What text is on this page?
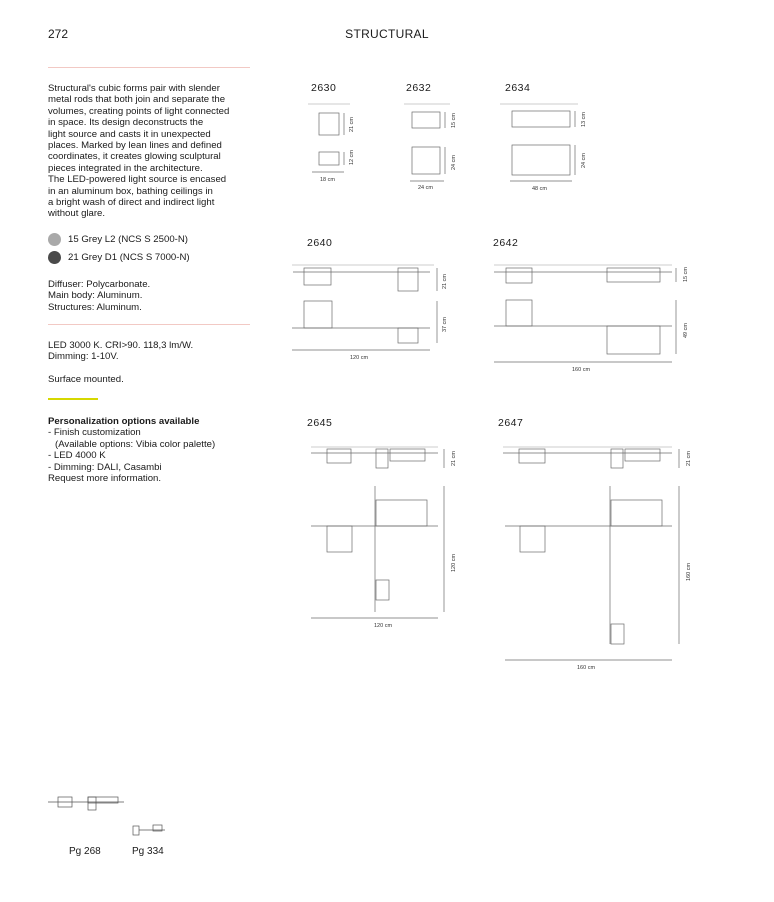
272	STRUCTURAL

Structural's cubic forms pair with slender

metal rods that both join and separate the

volumes, creating points of light connected

in space. Its design deconstructs the

light source and casts it in unexpected

places. Marked by lean lines and defined

coordinates, it creates glowing sculptural

pieces integrated in the architecture.

The LED-powered light source is encased

in an aluminum box, bathing ceilings in

a bright wash of direct and indirect light

without glare.

15 Grey L2 (NCS S 2500-N)
21 Grey D1 (NCS S 7000-N)

Diffuser: Polycarbonate.

Main body: Aluminum.

Structures: Aluminum.

LED 3000 K. CRI>90. 118,3 lm/W.

Dimming: 1-10V.

Surface mounted.

Personalization options available

- Finish customization

(Available options: Vibia color palette)

- LED 4000 K

- Dimming: DALI, Casambi

Request more information.

2630	2632	2634
2640	2642
2645	2647
21 cm
12 cm
18 cm
15 cm
24 cm
24 cm
13 cm
24 cm
48 cm
21 cm
37 cm
120 cm
15 cm
49 cm
160 cm
21 cm
120 cm
120 cm
21 cm
160 cm
160 cm
Pg 268	Pg 334
